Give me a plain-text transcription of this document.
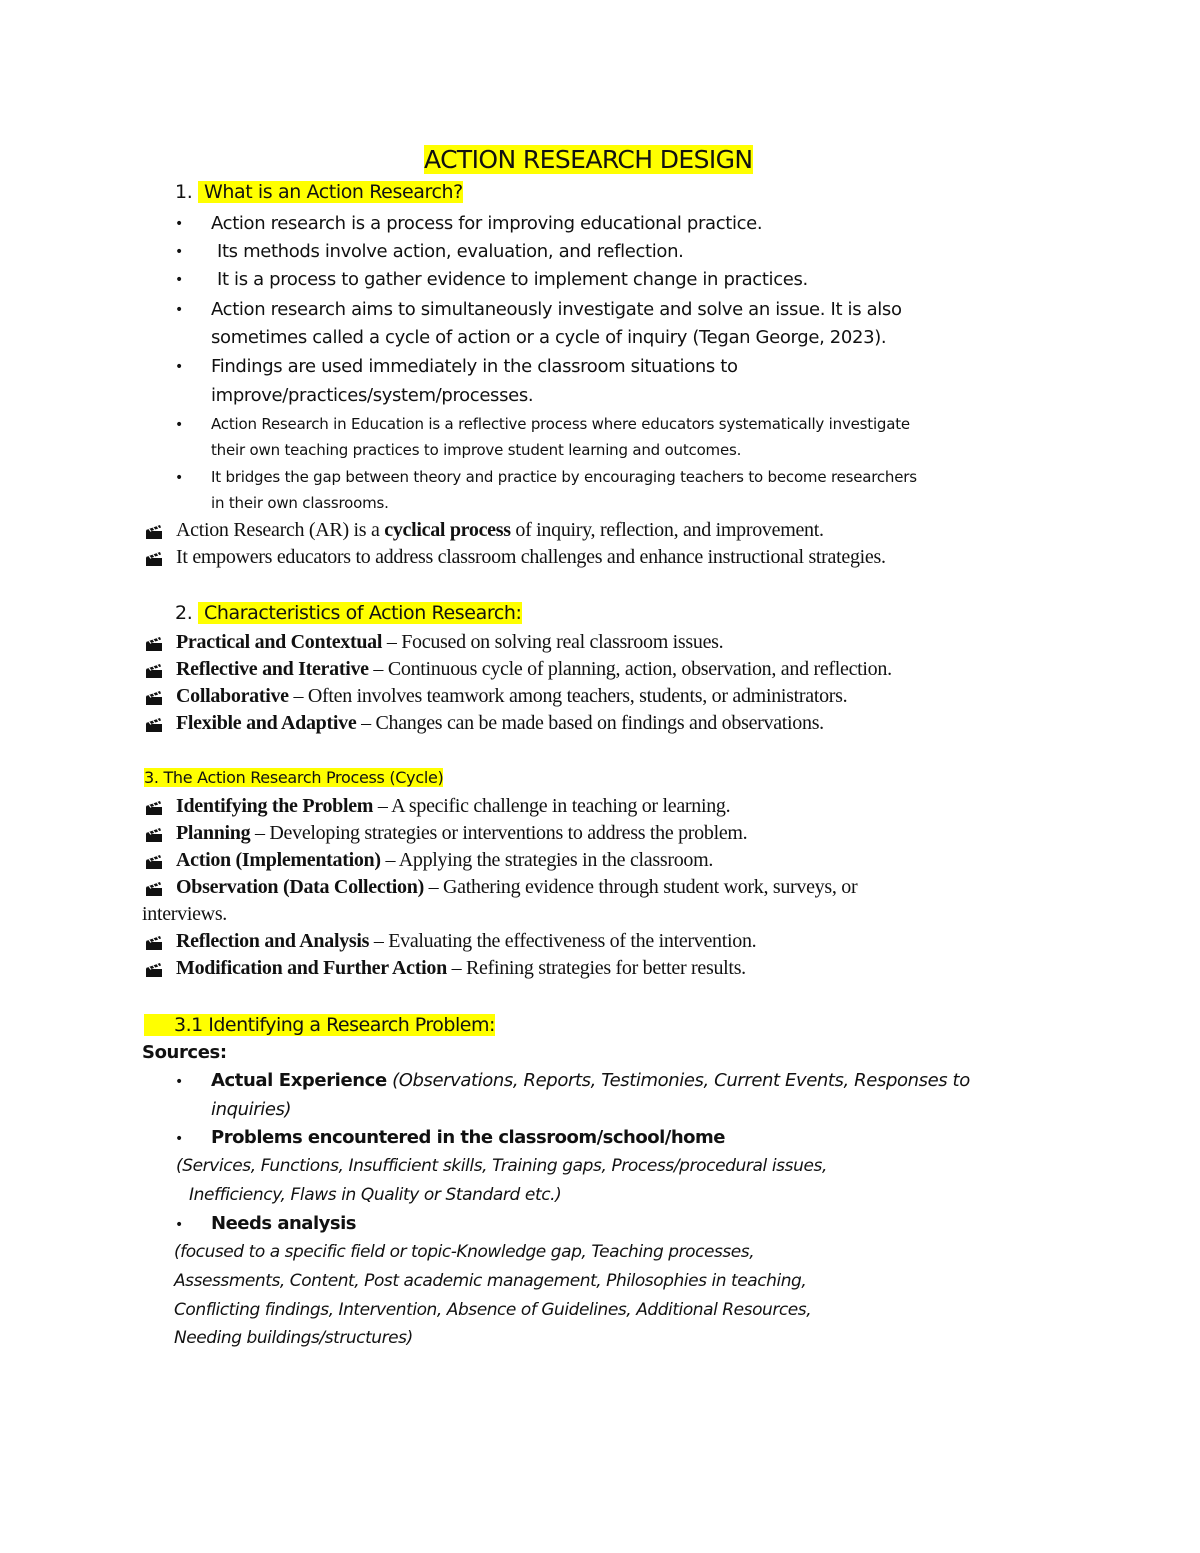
ACTION RESEARCH DESIGN
1. What is an Action Research?
• Action research is a process for improving educational practice.
• Its methods involve action, evaluation, and reflection.
• It is a process to gather evidence to implement change in practices.
• Action research aims to simultaneously investigate and solve an issue. It is also
sometimes called a cycle of action or a cycle of inquiry (Tegan George, 2023).
• Findings are used immediately in the classroom situations to
improve/practices/system/processes.
• Action Research in Education is a reflective process where educators systematically investigate
their own teaching practices to improve student learning and outcomes.
• It bridges the gap between theory and practice by encouraging teachers to become researchers
in their own classrooms.
Action Research (AR) is a cyclical process of inquiry, reflection, and improvement.
It empowers educators to address classroom challenges and enhance instructional strategies.
2. Characteristics of Action Research:
Practical and Contextual – Focused on solving real classroom issues.
Reflective and Iterative – Continuous cycle of planning, action, observation, and reflection.
Collaborative – Often involves teamwork among teachers, students, or administrators.
Flexible and Adaptive – Changes can be made based on findings and observations.
3. The Action Research Process (Cycle)
Identifying the Problem – A specific challenge in teaching or learning.
Planning – Developing strategies or interventions to address the problem.
Action (Implementation) – Applying the strategies in the classroom.
Observation (Data Collection) – Gathering evidence through student work, surveys, or
interviews.
Reflection and Analysis – Evaluating the effectiveness of the intervention.
Modification and Further Action – Refining strategies for better results.
3.1 Identifying a Research Problem:
Sources:
• Actual Experience (Observations, Reports, Testimonies, Current Events, Responses to
inquiries)
• Problems encountered in the classroom/school/home
(Services, Functions, Insufficient skills, Training gaps, Process/procedural issues,
Inefficiency, Flaws in Quality or Standard etc.)
• Needs analysis
(focused to a specific field or topic-Knowledge gap, Teaching processes,
Assessments, Content, Post academic management, Philosophies in teaching,
Conflicting findings, Intervention, Absence of Guidelines, Additional Resources,
Needing buildings/structures)
